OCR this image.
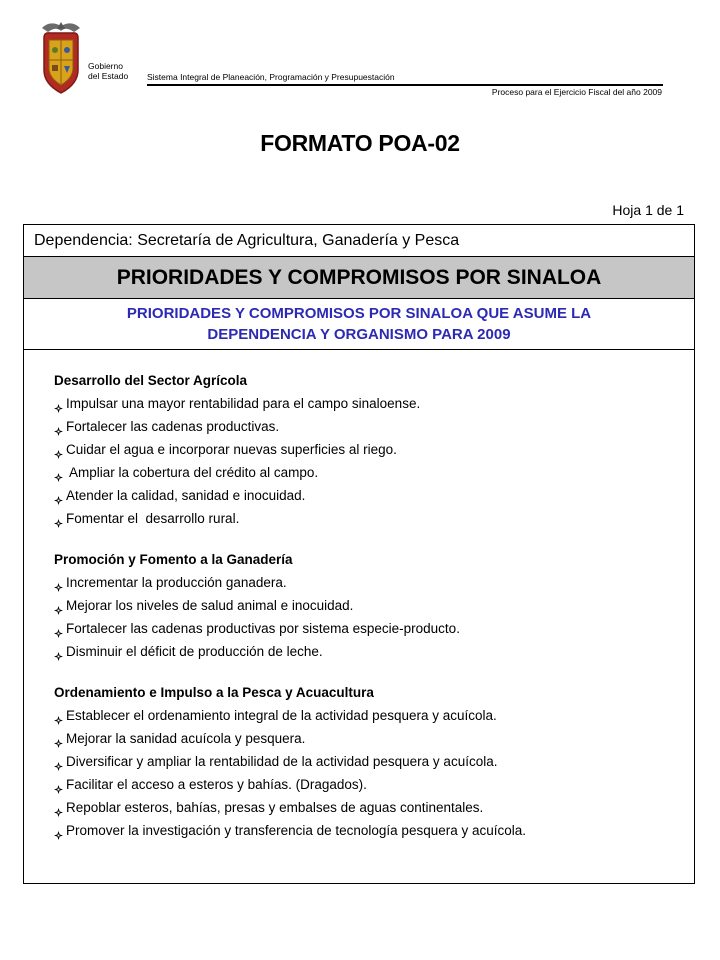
Gobierno
del Estado Sistema Integral de Planeación, Programación y Presupuestación
Proceso para el Ejercicio Fiscal del año 2009
FORMATO POA-02
Hoja 1 de 1
Dependencia: Secretaría de Agricultura, Ganadería y Pesca
PRIORIDADES Y COMPROMISOS POR SINALOA
PRIORIDADES Y COMPROMISOS POR SINALOA QUE ASUME LA
DEPENDENCIA Y ORGANISMO PARA 2009
Desarrollo del Sector Agrícola
Impulsar una mayor rentabilidad para el campo sinaloense.
Fortalecer las cadenas productivas.
Cuidar el agua e incorporar nuevas superficies al riego.
Ampliar la cobertura del crédito al campo.
Atender la calidad, sanidad e inocuidad.
Fomentar el  desarrollo rural.
Promoción y Fomento a la Ganadería
Incrementar la producción ganadera.
Mejorar los niveles de salud animal e inocuidad.
Fortalecer las cadenas productivas por sistema especie-producto.
Disminuir el déficit de producción de leche.
Ordenamiento e Impulso a la Pesca y Acuacultura
Establecer el ordenamiento integral de la actividad pesquera y acuícola.
Mejorar la sanidad acuícola y pesquera.
Diversificar y ampliar la rentabilidad de la actividad pesquera y acuícola.
Facilitar el acceso a esteros y bahías. (Dragados).
Repoblar esteros, bahías, presas y embalses de aguas continentales.
Promover la investigación y transferencia de tecnología pesquera y acuícola.
